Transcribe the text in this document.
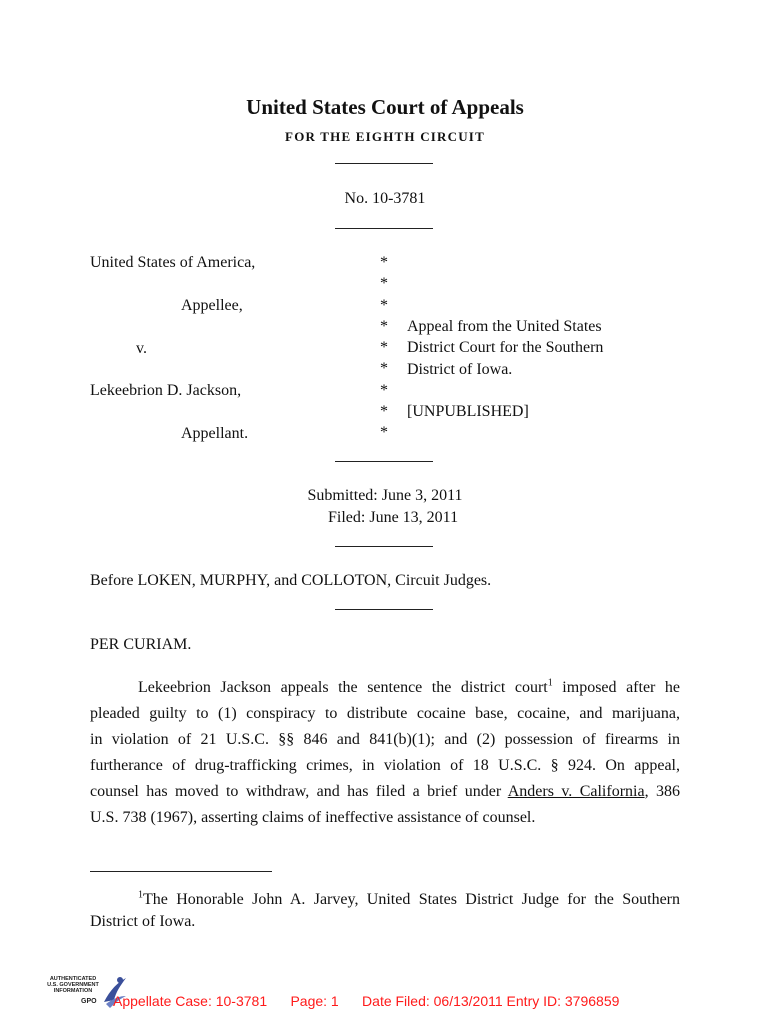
United States Court of Appeals
FOR THE EIGHTH CIRCUIT
No. 10-3781
United States of America,
Appellee,
v.
Lekeebrion D. Jackson,
Appellant.
*
*
*
*
*
*
*
*
*
Appeal from the United States
District Court for the Southern
District of Iowa.
[UNPUBLISHED]
Submitted: June 3, 2011
Filed: June 13, 2011
Before LOKEN, MURPHY, and COLLOTON, Circuit Judges.
PER CURIAM.
Lekeebrion Jackson appeals the sentence the district court$^1$ imposed after he
pleaded guilty to (1) conspiracy to distribute cocaine base, cocaine, and marijuana,
in violation of 21 U.S.C. §§ 846 and 841(b)(1); and (2) possession of firearms in
furtherance of drug-trafficking crimes, in violation of 18 U.S.C. § 924. On appeal,
counsel has moved to withdraw, and has filed a brief under Anders v. California, 386
U.S. 738 (1967), asserting claims of ineffective assistance of counsel.
$^1$The Honorable John A. Jarvey, United States District Judge for the Southern
District of Iowa.
AUTHENTICATED U.S. GOVERNMENT INFORMATION
GPO Appellate Case: 10-3781      Page: 1      Date Filed: 06/13/2011 Entry ID: 3796859
